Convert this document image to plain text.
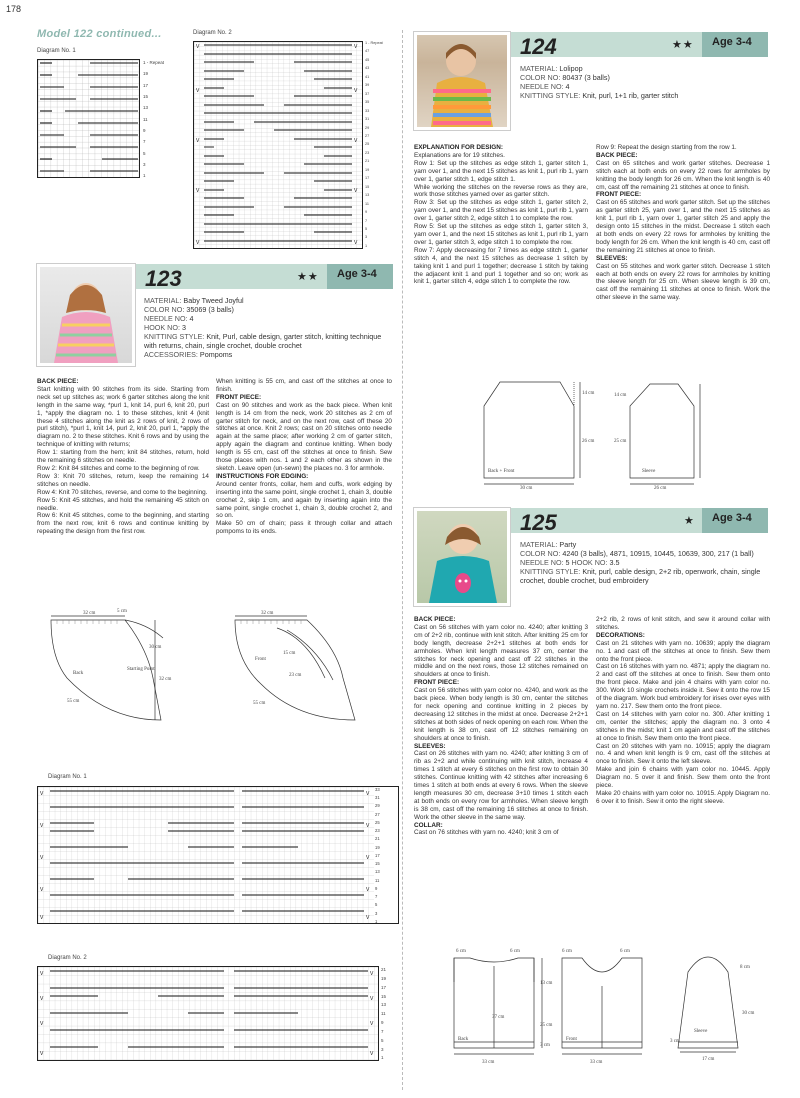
178
Model 122 continued...
Diagram No. 1
1 - Repeat
19
17
15
13
11
9
7
5
3
1
Diagram No. 2
V	V
V	V
V	V
V	V
V	V
1 - Repeat
47
45
43
41
39
37
35
33
31
29
27
25
23
21
19
17
15
13
11
9
7
5
3
1
124	★★	Age 3-4
MATERIAL: Lolipop
COLOR NO: 80437 (3 balls)
NEEDLE NO: 4
KNITTING STYLE: Knit, purl, 1+1 rib, garter stitch

EXPLANATION FOR DESIGN:
Explanations are for 19 stitches.

Row 1: Set up the stitches as edge stitch 1, garter stitch 1, yarn over 1, and the next 15 stitches as knit 1, purl rib 1, yarn over 1, garter stitch 1, edge stitch 1.

While working the stitches on the reverse rows as they are, work those stitches yarned over as garter stitch.

Row 3: Set up the stitches as edge stitch 1, garter stitch 2, yarn over 1, and the next 15 stitches as knit 1, purl rib 1, yarn over 1, garter stitch 2, edge stitch 1 to complete the row.

Row 5: Set up the stitches as edge stitch 1, garter stitch 3, yarn over 1, and the next 15 stitches as knit 1, purl rib 1, yarn over 1, garter stitch 3, edge stitch 1 to complete the row.

Row 7: Apply decreasing for 7 times as edge stitch 1, garter stitch 4, and the next 15 stitches as decrease 1 stitch by taking knit 1 and purl 1 together; decrease 1 stitch by taking the adjacent knit 1 and purl 1 together and so on; work as knit 1, garter stitch 4, edge stitch 1 to complete the row.

Row 9: Repeat the design starting from the row 1.

BACK PIECE:
Cast on 65 stitches and work garter stitches. Decrease 1 stitch each at both ends on every 22 rows for armholes by knitting the body length for 26 cm. When the knit length is 40 cm, cast off the remaining 21 stitches at once to finish.

FRONT PIECE:
Cast on 65 stitches and work garter stitch. Set up the stitches as garter stitch 25, yarn over 1, and the next 15 stitches as knit 1, purl rib 1, yarn over 1, garter stitch 25 and apply the design onto 15 stitches in the midst. Decrease 1 stitch each at both ends on every 22 rows for armholes by knitting the body length for 26 cm. When the knit length is 40 cm, cast off the remaining 21 stitches at once to finish.

SLEEVES:
Cast on 55 stitches and work garter stitch. Decrease 1 stitch each at both ends on every 22 rows for armholes by knitting the sleeve length for 25 cm. When sleeve length is 39 cm, cast off the remaining 11 stitches at once to finish. Work the other sleeve in the same way.

14 cm
26 cm
30 cm
14 cm
25 cm
26 cm
Back + Front	Sleeve
123	★★	Age 3-4
MATERIAL: Baby Tweed Joyful
COLOR NO: 35069 (3 balls)
NEEDLE NO: 4
HOOK NO: 3
KNITTING STYLE: Knit, Purl, cable design, garter stitch, knitting technique with returns, chain, single crochet, double crochet
ACCESSORIES: Pompoms

BACK PIECE:
Start knitting with 90 stitches from its side. Starting from neck set up stitches as; work 6 garter stitches along the knit length in the same way, *purl 1, knit 14, purl 6, knit 20, purl 1, *apply the diagram no. 1 to these stitches, knit 4 (knit these 4 stitches along the knit as 2 rows of knit, 2 rows of purl stitch), *purl 1, knit 14, purl 2, knit 20, purl 1, *apply the diagram no. 2 to these stitches. Knit 6 rows and by using the technique of knitting with returns;

Row 1: starting from the hem; knit 84 stitches, return, hold the remaining 6 stitches on needle.

Row 2: Knit 84 stitches and come to the beginning of row.

Row 3: Knit 70 stitches, return, keep the remaining 14 stitches on needle.

Row 4: Knit 70 stitches, reverse, and come to the beginning.

Row 5: Knit 45 stitches, and hold the remaining 45 stitch on needle.

Row 6: Knit 45 stitches, come to the beginning, and starting from the next row, knit 6 rows and continue knitting by repeating the design from the first row.

When knitting is 55 cm, and cast off the stitches at once to finish.

FRONT PIECE:
Cast on 90 stitches and work as the back piece. When knit length is 14 cm from the neck, work 20 stitches as 2 cm of garter stitch for neck, and on the next row, cast off these 20 stitches at once. Knit 2 rows; cast on 20 stitches onto needle again at the same place; after working 2 cm of garter stitch, apply again the diagram and continue knitting. When body length is 55 cm, cast off the stitches at once to finish. Sew those places with nos. 1 and 2 each other as shown in the sketch. Leave open (un-sewn) the places no. 3 for armhole.

INSTRUCTIONS FOR EDGING:
Around center fronts, collar, hem and cuffs, work edging by inserting into the same point, single crochet 1, chain 3, double crochet 2, skip 1 cm, and again by inserting again into the same point, single crochet 1, chain 3, double crochet 2, and so on.

Make 50 cm of chain; pass it through collar and attach pompoms to its ends.

32 cm	5 cm
30 cm
32 cm
55 cm
Back
Starting Point
32 cm
15 cm
23 cm
55 cm
Front
Diagram No. 1
V	V
V	V
V	V
V	V
V	V
33
31
29
27
25
23
21
19
17
15
13
11
9
7
5
3
1
Diagram No. 2
V	V
V	V
V	V
V	V
21
19
17
15
13
11
9
7
5
3
1
125	★	Age 3-4
MATERIAL: Party
COLOR NO: 4240 (3 balls), 4871, 10915, 10445, 10639, 300, 217 (1 ball)
NEEDLE NO: 5 HOOK NO: 3.5
KNITTING STYLE: Knit, purl, cable design, 2+2 rib, openwork, chain, single crochet, double crochet, bud embroidery

BACK PIECE:
Cast on 56 stitches with yarn color no. 4240; after knitting 3 cm of 2+2 rib, continue with knit stitch. After knitting 25 cm for body length, decrease 2+2+1 stitches at both ends for armholes. When knit length measures 37 cm, center the stitches for neck opening and cast off 22 stitches in the middle and on the next rows, those 12 stitches remained on shoulders at once to finish.

FRONT PIECE:
Cast on 56 stitches with yarn color no. 4240, and work as the back piece. When body length is 30 cm, center the stitches for neck opening and continue knitting in 2 pieces by decreasing 12 stitches in the midst at once. Decrease 2+2+1 stitches at both sides of neck opening on each row. When the knit length is 38 cm, cast off 12 stitches remaining on shoulders at once to finish.

SLEEVES:
Cast on 26 stitches with yarn no. 4240; after knitting 3 cm of rib as 2+2 and while continuing with knit stitch, increase 4 times 1 stitch at every 6 stitches on the first row to obtain 30 stitches. Continue knitting with 42 stitches after increasing 6 times 1 stitch at both ends at every 6 rows. When the sleeve length measures 30 cm, decrease 3+10 times 1 stitch each at both ends on every row for armholes. When sleeve length is 38 cm, cast off the remaining 16 stitches at once to finish. Work the other sleeve in the same way.

COLLAR:
Cast on 76 stitches with yarn no. 4240; knit 3 cm of

2+2 rib, 2 rows of knit stitch, and sew it around collar with stitches.

DECORATIONS:
Cast on 21 stitches with yarn no. 10639; apply the diagram no. 1 and cast off the stitches at once to finish. Sew them onto the front piece.

Cast on 16 stitches with yarn no. 4871; apply the diagram no. 2 and cast off the stitches at once to finish. Sew them onto the front piece. Make and join 4 chains with yarn color no. 300. Work 10 single crochets inside it. Sew it onto the row 15 of the diagram. Work bud embroidery for irises over eyes with yarn no. 217. Sew them onto the front piece.

Cast on 14 stitches with yarn color no. 300. After knitting 1 cm, center the stitches; apply the diagram no. 3 onto 4 stitches in the midst; knit 1 cm again and cast off the stitches at once to finish. Sew them onto the front piece.

Cast on 20 stitches with yarn no. 10915; apply the diagram no. 4 and when knit length is 9 cm, cast off the stitches at once to finish. Sew it onto the left sleeve.

Make and join 6 chains with yarn color no. 10445. Apply Diagram no. 5 over it and finish. Sew them onto the front piece.

Make 20 chains with yarn color no. 10915. Apply Diagram no. 6 over it to finish. Sew it onto the right sleeve.

6 cm	6 cm
13 cm
37 cm
25 cm
3 cm
33 cm
Back
6 cm	6 cm
33 cm
Front
8 cm
30 cm
3 cm
17 cm
Sleeve
